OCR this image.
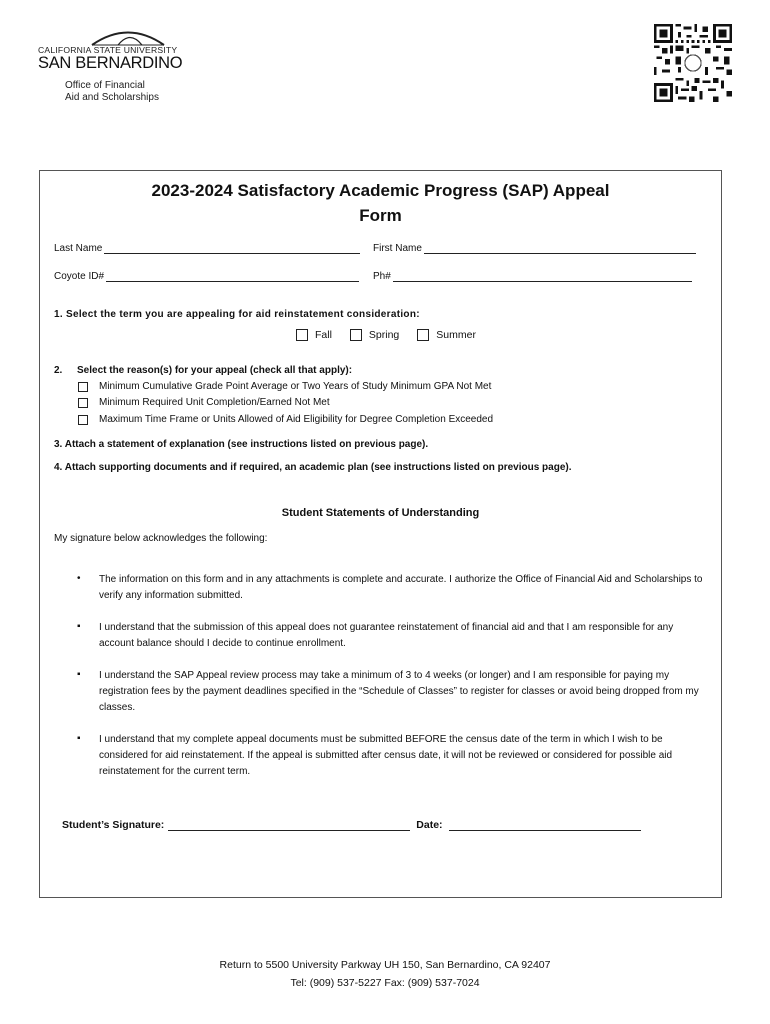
CALIFORNIA STATE UNIVERSITY
SAN BERNARDINO
Office of Financial
Aid and Scholarships
2023-2024 Satisfactory Academic Progress (SAP) Appeal
Form
Last Name	First Name
Coyote ID#	Ph#
1. Select the term you are appealing for aid reinstatement consideration:
Fall	Spring	Summer
2. Select the reason(s) for your appeal (check all that apply):
Minimum Cumulative Grade Point Average or Two Years of Study Minimum GPA Not Met
Minimum Required Unit Completion/Earned Not Met
Maximum Time Frame or Units Allowed of Aid Eligibility for Degree Completion Exceeded
3. Attach a statement of explanation (see instructions listed on previous page).
4. Attach supporting documents and if required, an academic plan (see instructions listed on previous page).
Student Statements of Understanding
My signature below acknowledges the following:
• The information on this form and in any attachments is complete and accurate. I authorize the Office of Financial Aid and Scholarships to verify any information submitted.
▪ I understand that the submission of this appeal does not guarantee reinstatement of financial aid and that I am responsible for any account balance should I decide to continue enrollment.
▪ I understand the SAP Appeal review process may take a minimum of 3 to 4 weeks (or longer) and I am responsible for paying my registration fees by the payment deadlines specified in the “Schedule of Classes” to register for classes or avoid being dropped from my classes.
▪ I understand that my complete appeal documents must be submitted BEFORE the census date of the term in which I wish to be considered for aid reinstatement. If the appeal is submitted after census date, it will not be reviewed or considered for possible aid reinstatement for the current term.
Student’s Signature:	Date:
Return to 5500 University Parkway UH 150, San Bernardino, CA 92407
Tel: (909) 537-5227 Fax: (909) 537-7024
